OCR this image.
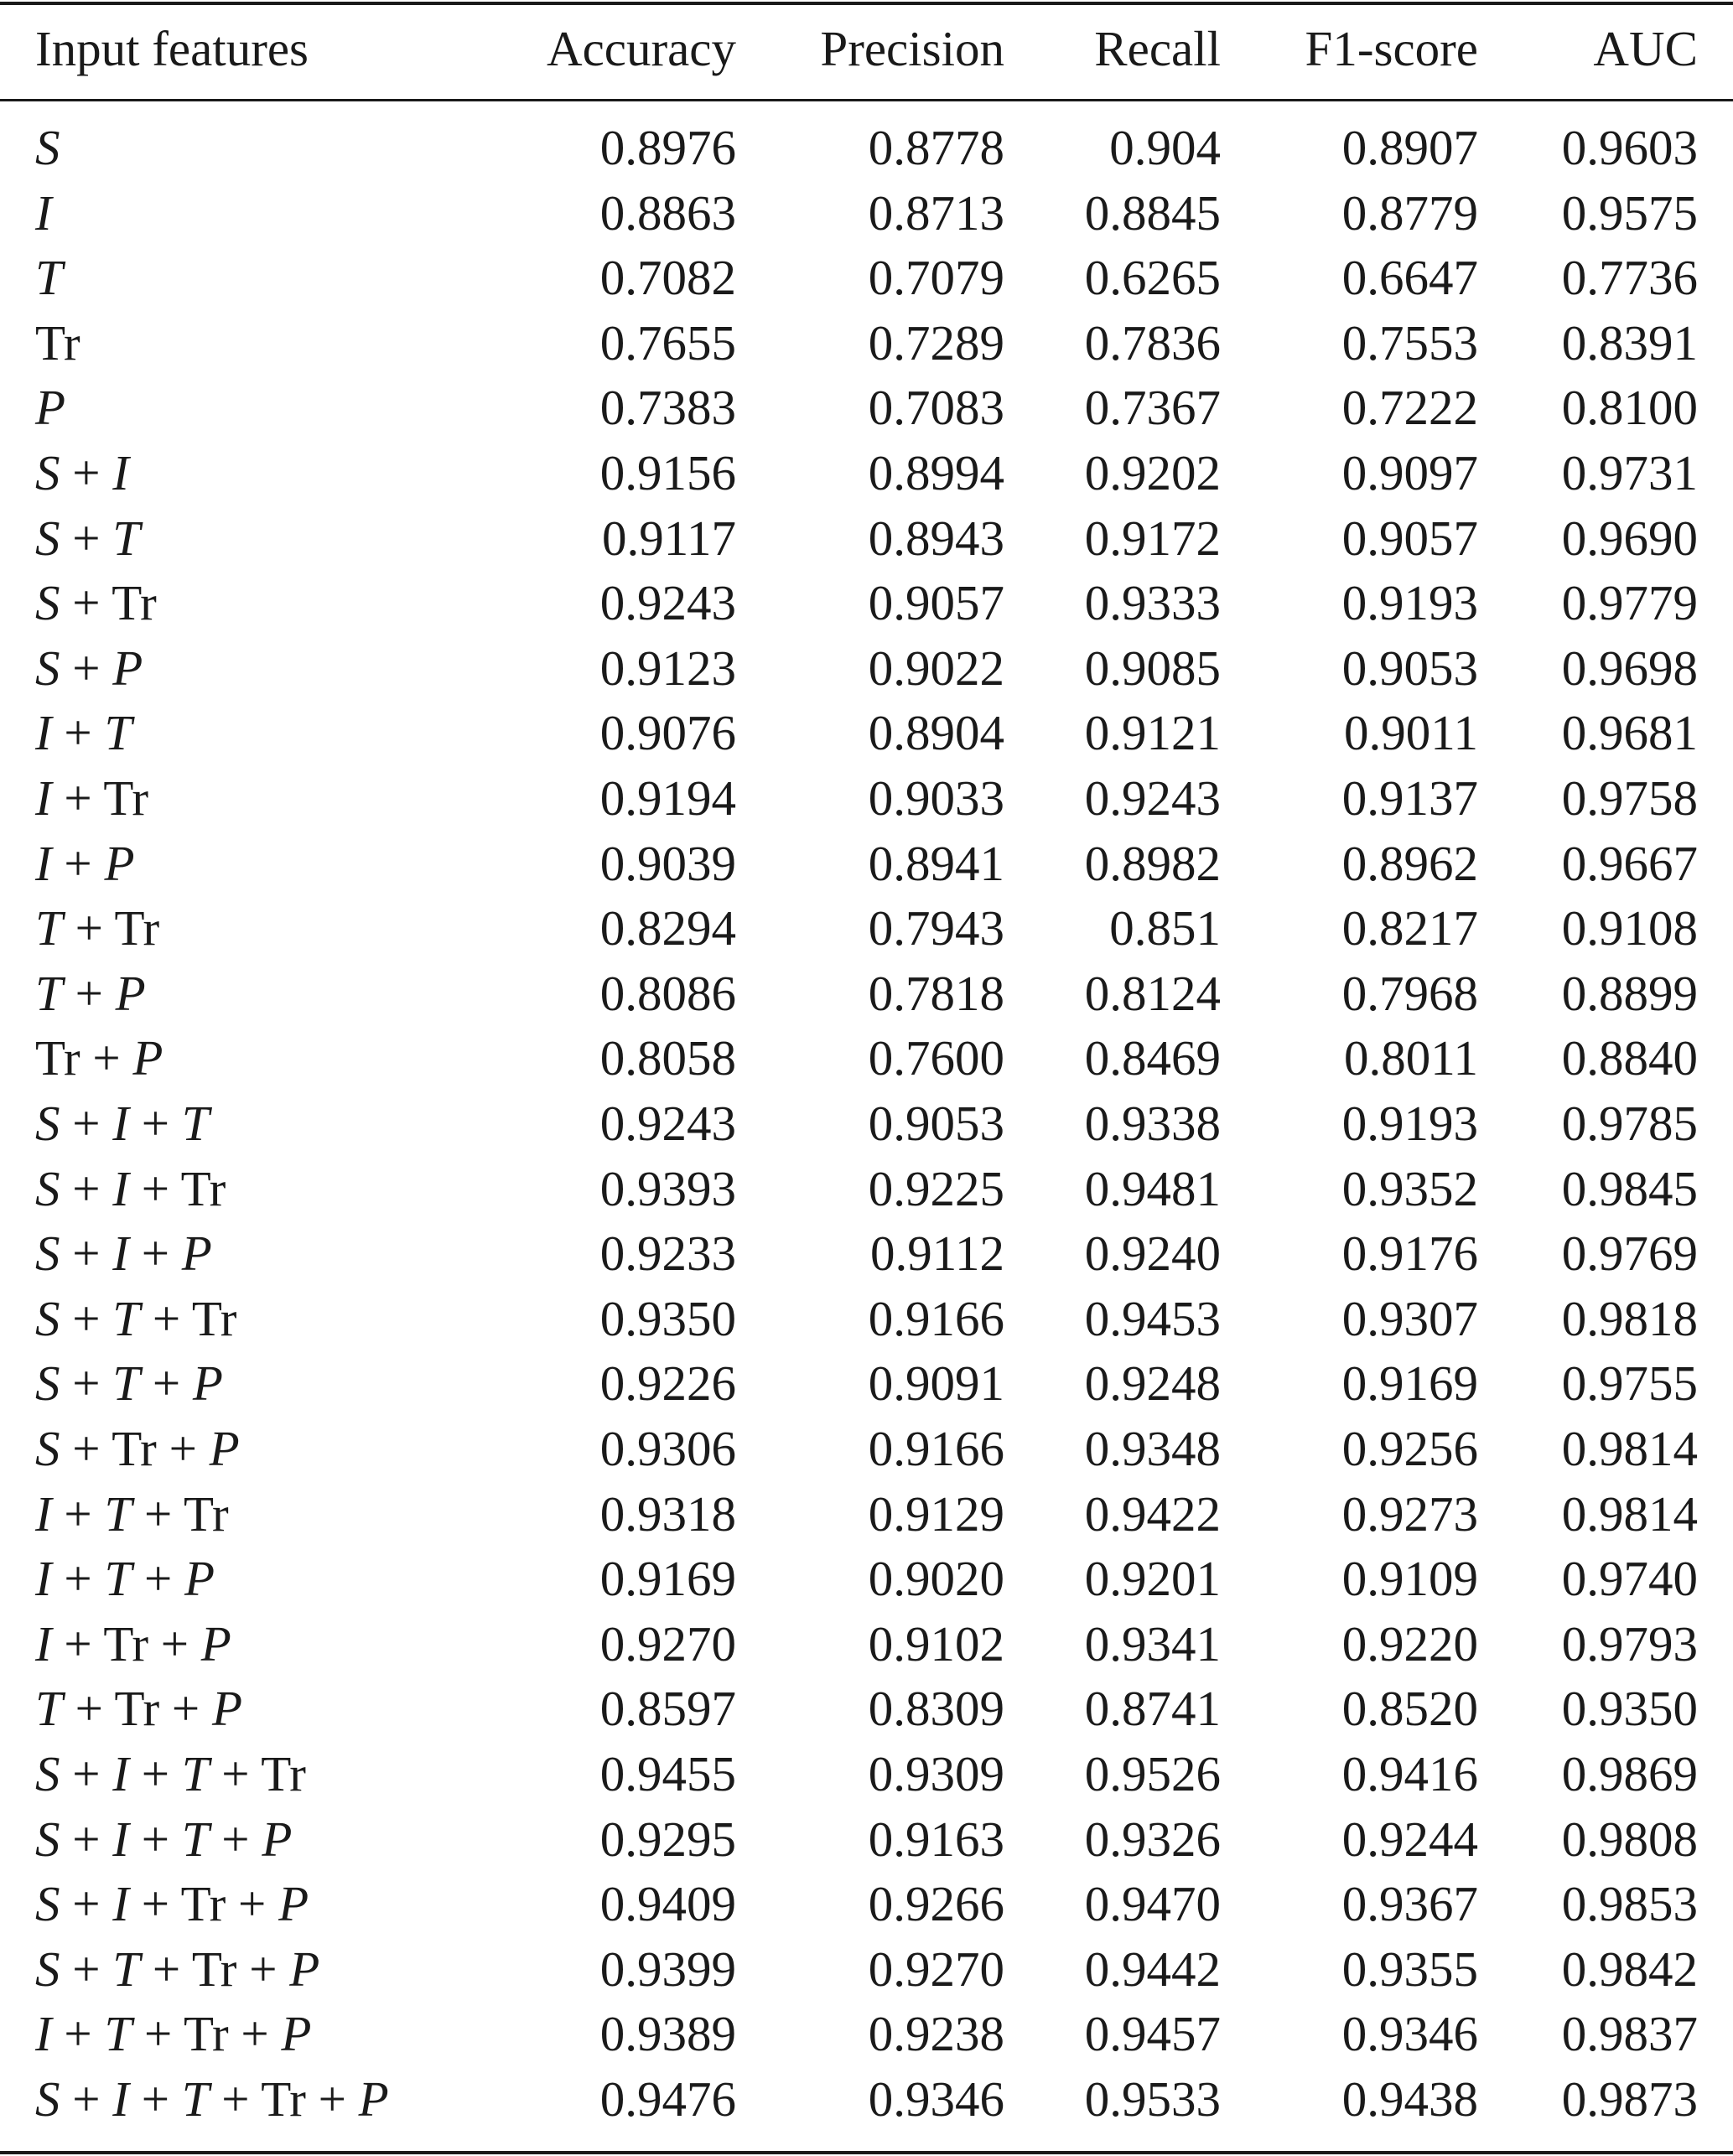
Input features	Accuracy Precision Recall F1-score AUC
S	0.8976	0.8778 0.904 0.8907 0.9603
I	0.8863	0.8713 0.8845 0.8779 0.9575
T	0.7082	0.7079 0.6265 0.6647 0.7736
Tr	0.7655	0.7289 0.7836 0.7553 0.8391
P	0.7383	0.7083 0.7367 0.7222 0.8100
S + I	0.9156	0.8994 0.9202 0.9097 0.9731
S + T	0.9117	0.8943 0.9172 0.9057 0.9690
S + Tr	0.9243	0.9057 0.9333 0.9193 0.9779
S + P	0.9123	0.9022 0.9085 0.9053 0.9698
I + T	0.9076	0.8904 0.9121 0.9011 0.9681
I + Tr	0.9194	0.9033 0.9243 0.9137 0.9758
I + P	0.9039	0.8941 0.8982 0.8962 0.9667
T + Tr	0.8294	0.7943 0.851 0.8217 0.9108
T + P	0.8086	0.7818 0.8124 0.7968 0.8899
Tr + P	0.8058	0.7600 0.8469 0.8011 0.8840
S + I + T	0.9243	0.9053 0.9338 0.9193 0.9785
S + I + Tr	0.9393	0.9225 0.9481 0.9352 0.9845
S + I + P	0.9233	0.9112 0.9240 0.9176 0.9769
S + T + Tr	0.9350	0.9166 0.9453 0.9307 0.9818
S + T + P	0.9226	0.9091 0.9248 0.9169 0.9755
S + Tr + P	0.9306	0.9166 0.9348 0.9256 0.9814
I + T + Tr	0.9318	0.9129 0.9422 0.9273 0.9814
I + T + P	0.9169	0.9020 0.9201 0.9109 0.9740
I + Tr + P	0.9270	0.9102 0.9341 0.9220 0.9793
T + Tr + P	0.8597	0.8309 0.8741 0.8520 0.9350
S + I + T + Tr	0.9455	0.9309 0.9526 0.9416 0.9869
S + I + T + P	0.9295	0.9163 0.9326 0.9244 0.9808
S + I + Tr + P	0.9409	0.9266 0.9470 0.9367 0.9853
S + T + Tr + P	0.9399	0.9270 0.9442 0.9355 0.9842
I + T + Tr + P	0.9389	0.9238 0.9457 0.9346 0.9837
S + I + T + Tr + P	0.9476	0.9346 0.9533 0.9438 0.9873
